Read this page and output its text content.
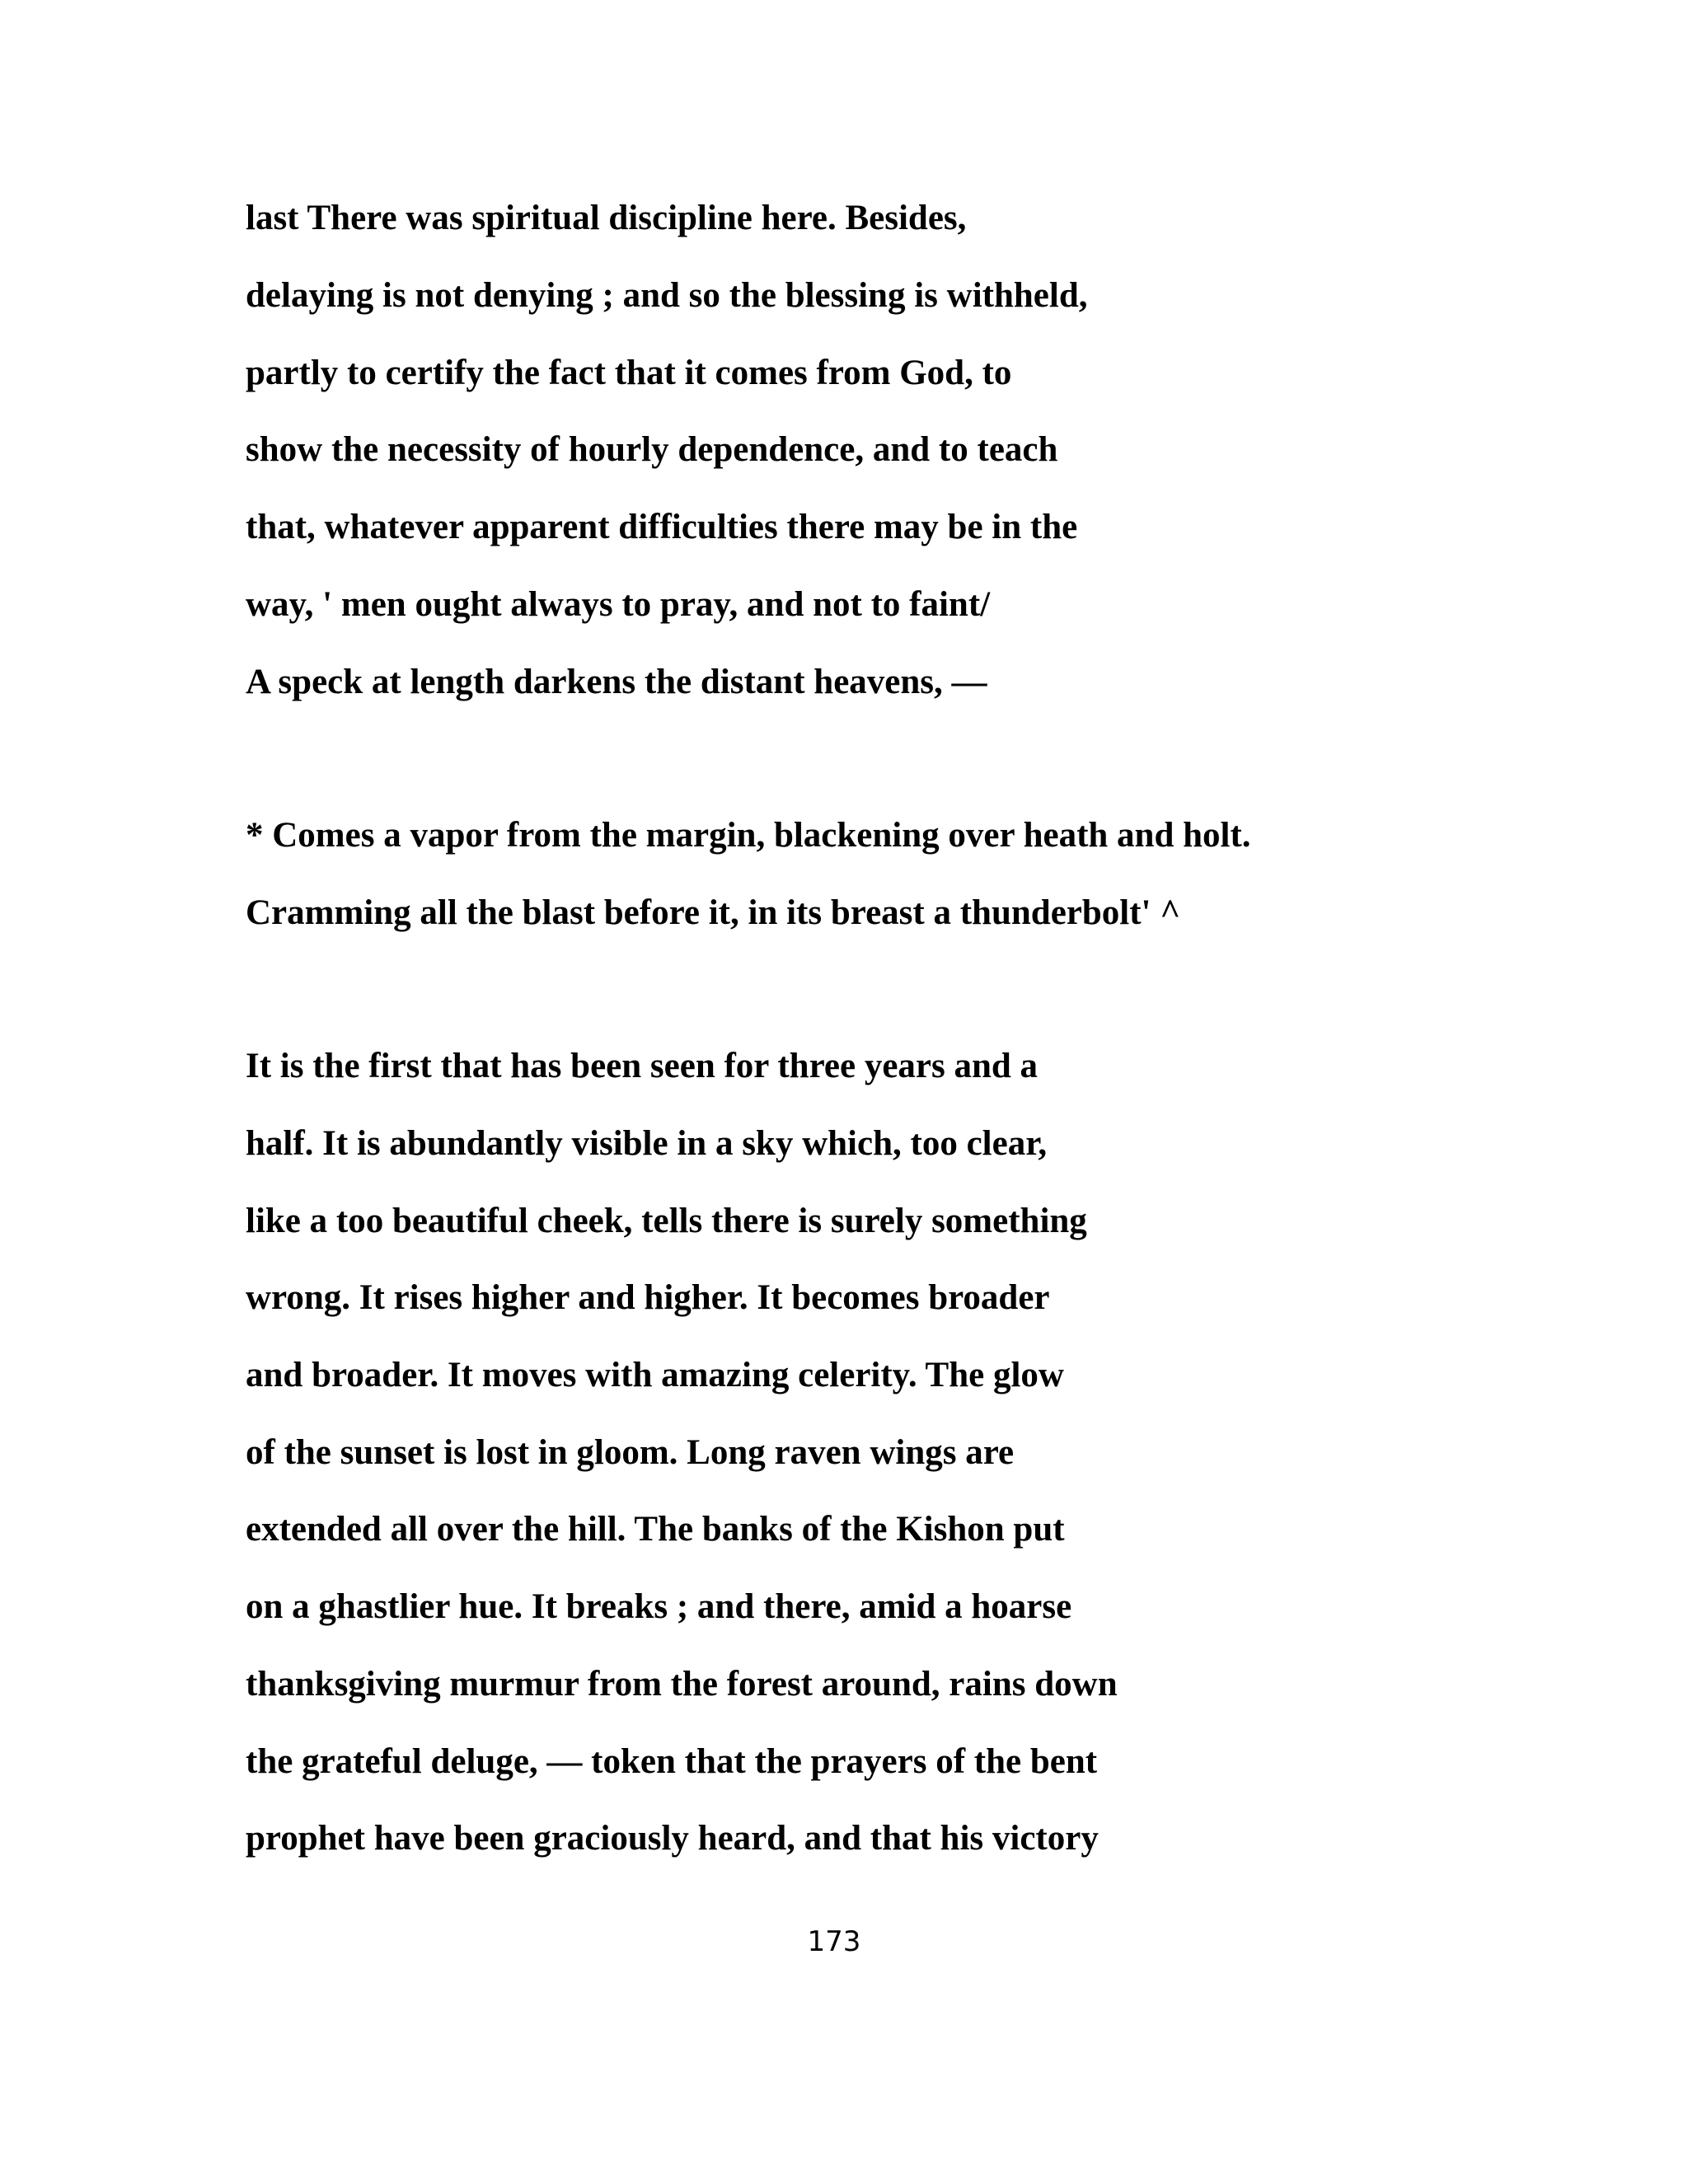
last There was spiritual discipline here. Besides,

delaying is not denying ; and so the blessing is withheld,

partly to certify the fact that it comes from God, to

show the necessity of hourly dependence, and to teach

that, whatever apparent difficulties there may be in the

way, ' men ought always to pray, and not to faint/

A speck at length darkens the distant heavens, —

* Comes a vapor from the margin, blackening over heath and holt.

Cramming all the blast before it, in its breast a thunderbolt' ^

It is the first that has been seen for three years and a

half. It is abundantly visible in a sky which, too clear,

like a too beautiful cheek, tells there is surely something

wrong. It rises higher and higher. It becomes broader

and broader. It moves with amazing celerity. The glow

of the sunset is lost in gloom. Long raven wings are

extended all over the hill. The banks of the Kishon put

on a ghastlier hue. It breaks ; and there, amid a hoarse

thanksgiving murmur from the forest around, rains down

the grateful deluge, — token that the prayers of the bent

prophet have been graciously heard, and that his victory

173
